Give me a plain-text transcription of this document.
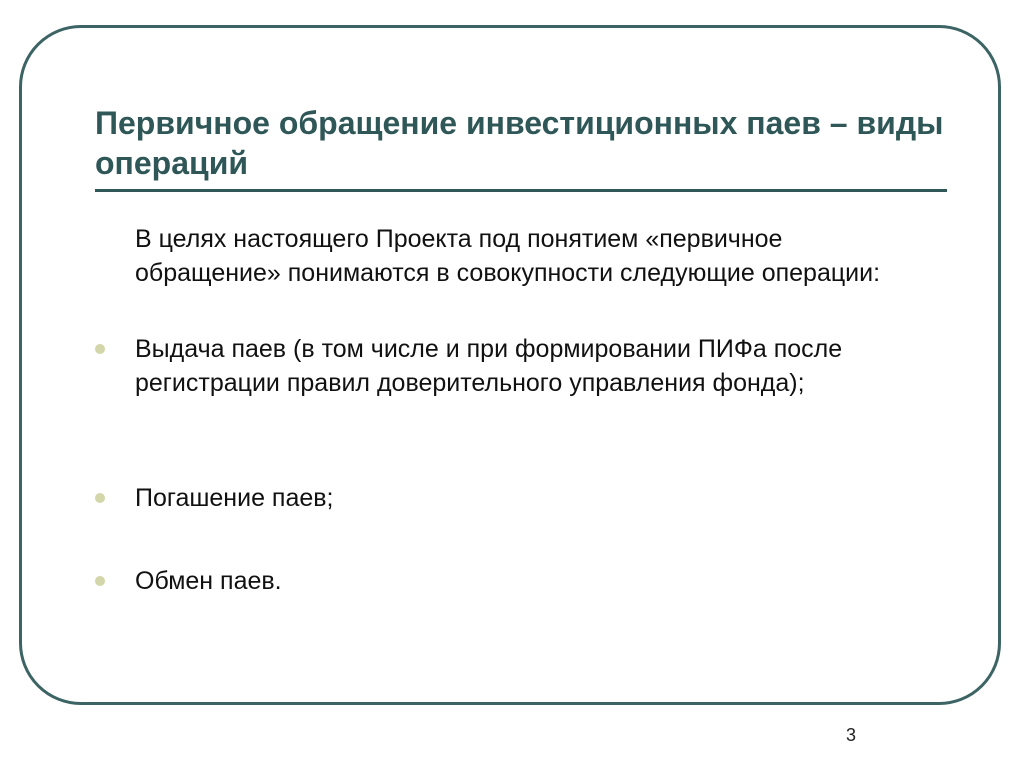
Первичное обращение инвестиционных паев – виды операций

В целях настоящего Проекта под понятием «первичное обращение» понимаются в совокупности следующие операции:

Выдача паев (в том числе и при формировании ПИФа после регистрации правил доверительного управления фонда);

Погашение паев;

Обмен паев.

3
